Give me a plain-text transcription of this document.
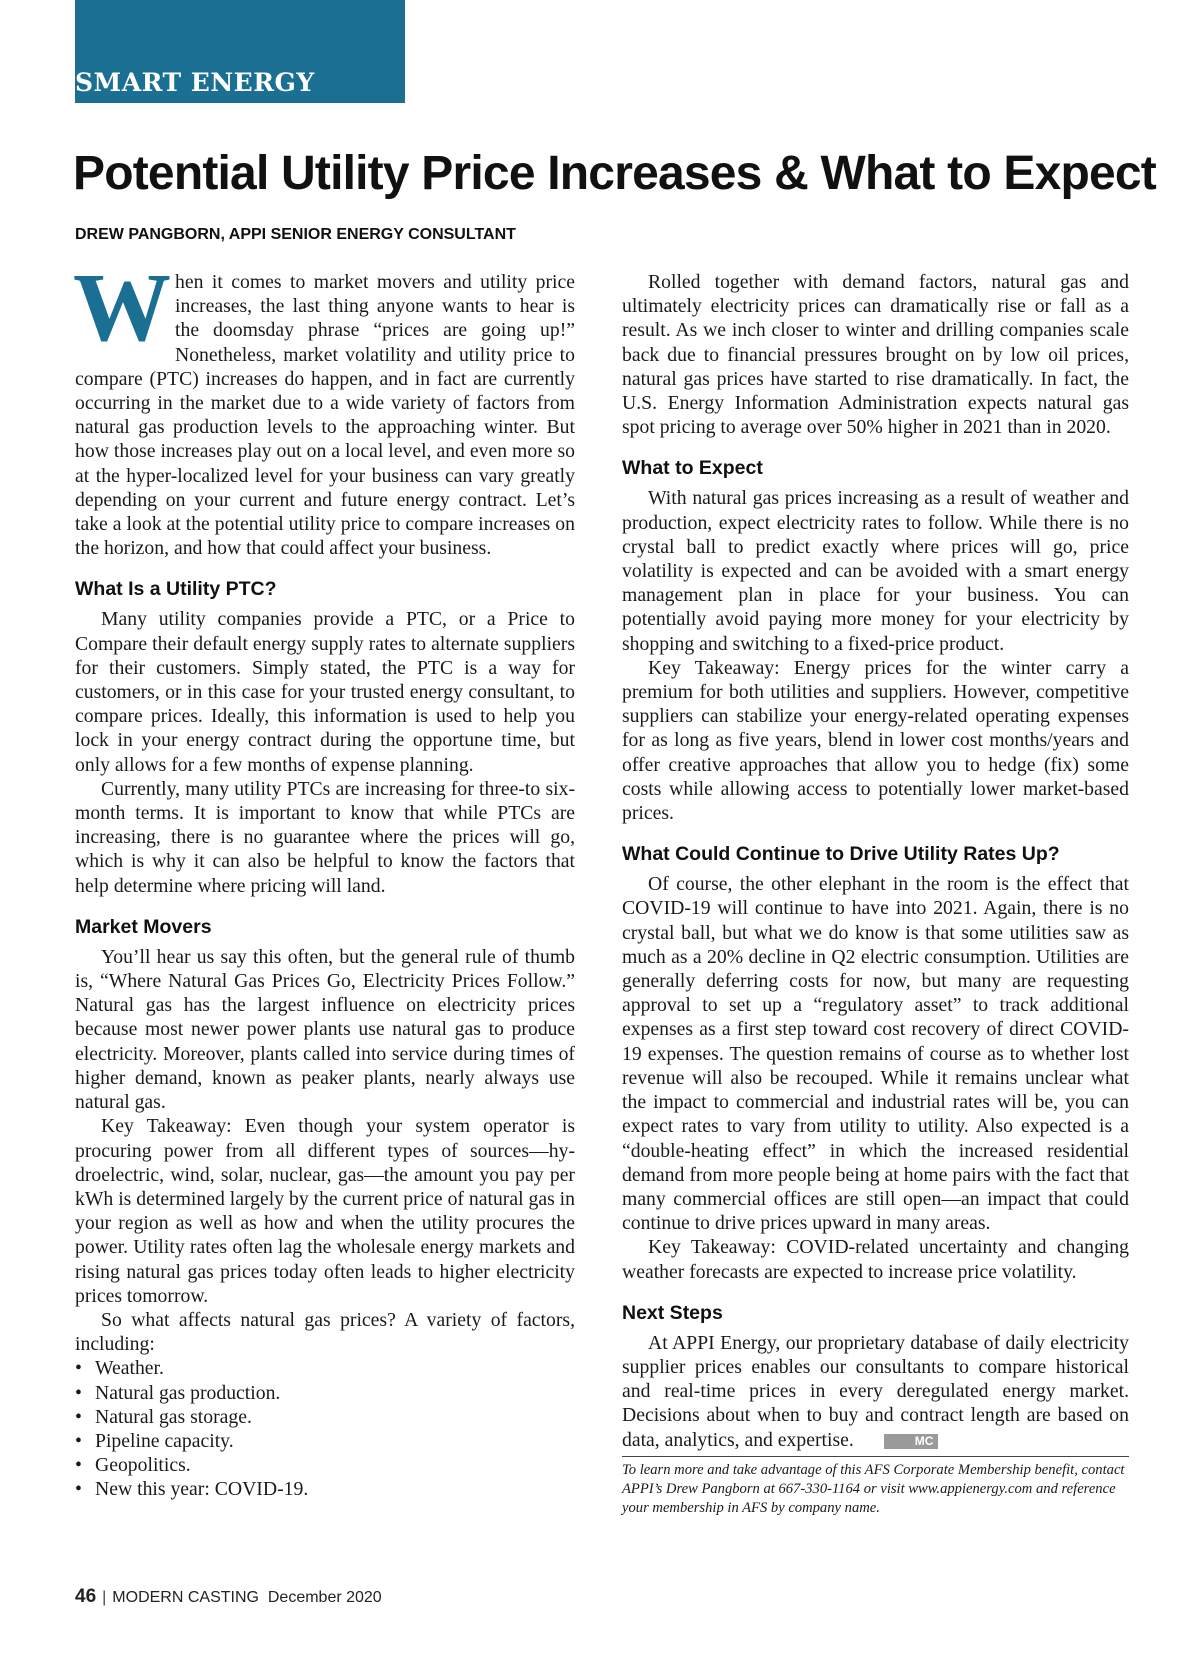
SMART ENERGY
Potential Utility Price Increases & What to Expect
DREW PANGBORN, APPI SENIOR ENERGY CONSULTANT

When it comes to market movers and utility price increases, the last thing anyone wants to hear is the doomsday phrase “prices are going up!” Nonetheless, market volatility and utility price to compare (PTC) increases do happen, and in fact are currently occurring in the market due to a wide variety of factors from natural gas production levels to the approaching winter. But how those increases play out on a local level, and even more so at the hyper-localized level for your business can vary greatly depending on your current and future energy contract. Let’s take a look at the potential utility price to compare increases on the horizon, and how that could affect your business.

What Is a Utility PTC?

Many utility companies provide a PTC, or a Price to Compare their default energy supply rates to alternate suppliers for their customers. Simply stated, the PTC is a way for customers, or in this case for your trusted energy consultant, to compare prices. Ideally, this information is used to help you lock in your energy contract during the opportune time, but only allows for a few months of expense planning.

Currently, many utility PTCs are increasing for three-to six-month terms. It is important to know that while PTCs are increasing, there is no guarantee where the prices will go, which is why it can also be helpful to know the factors that help determine where pricing will land.

Market Movers

You’ll hear us say this often, but the general rule of thumb is, “Where Natural Gas Prices Go, Electricity Prices Follow.” Natural gas has the largest influence on electricity prices because most newer power plants use natural gas to produce electricity. Moreover, plants called into service during times of higher demand, known as peaker plants, nearly always use natural gas.

Key Takeaway: Even though your system operator is procuring power from all different types of sources—hydroelectric, wind, solar, nuclear, gas—the amount you pay per kWh is determined largely by the current price of natural gas in your region as well as how and when the utility procures the power. Utility rates often lag the wholesale energy markets and rising natural gas prices today often leads to higher electricity prices tomorrow.

So what affects natural gas prices? A variety of factors, including:

• Weather.
• Natural gas production.
• Natural gas storage.
• Pipeline capacity.
• Geopolitics.
• New this year: COVID-19.

Rolled together with demand factors, natural gas and ultimately electricity prices can dramatically rise or fall as a result. As we inch closer to winter and drilling companies scale back due to financial pressures brought on by low oil prices, natural gas prices have started to rise dramatically. In fact, the U.S. Energy Information Administration expects natural gas spot pricing to average over 50% higher in 2021 than in 2020.

What to Expect

With natural gas prices increasing as a result of weather and production, expect electricity rates to follow. While there is no crystal ball to predict exactly where prices will go, price volatility is expected and can be avoided with a smart energy management plan in place for your business. You can potentially avoid paying more money for your electricity by shopping and switching to a fixed-price product.

Key Takeaway: Energy prices for the winter carry a premium for both utilities and suppliers. However, competitive suppliers can stabilize your energy-related operating expenses for as long as five years, blend in lower cost months/years and offer creative approaches that allow you to hedge (fix) some costs while allowing access to potentially lower market-based prices.

What Could Continue to Drive Utility Rates Up?

Of course, the other elephant in the room is the effect that COVID-19 will continue to have into 2021. Again, there is no crystal ball, but what we do know is that some utilities saw as much as a 20% decline in Q2 electric consumption. Utilities are generally deferring costs for now, but many are requesting approval to set up a “regulatory asset” to track additional expenses as a first step toward cost recovery of direct COVID-19 expenses. The question remains of course as to whether lost revenue will also be recouped. While it remains unclear what the impact to commercial and industrial rates will be, you can expect rates to vary from utility to utility. Also expected is a “double-heating effect” in which the increased residential demand from more people being at home pairs with the fact that many commercial offices are still open—an impact that could continue to drive prices upward in many areas.

Key Takeaway: COVID-related uncertainty and changing weather forecasts are expected to increase price volatility.

Next Steps

At APPI Energy, our proprietary database of daily electricity supplier prices enables our consultants to compare historical and real-time prices in every deregulated energy market. Decisions about when to buy and contract length are based on data, analytics, and expertise.	MC

To learn more and take advantage of this AFS Corporate Membership benefit, contact APPI’s Drew Pangborn at 667-330-1164 or visit www.appienergy.com and reference your membership in AFS by company name.

46 | MODERN CASTING December 2020
